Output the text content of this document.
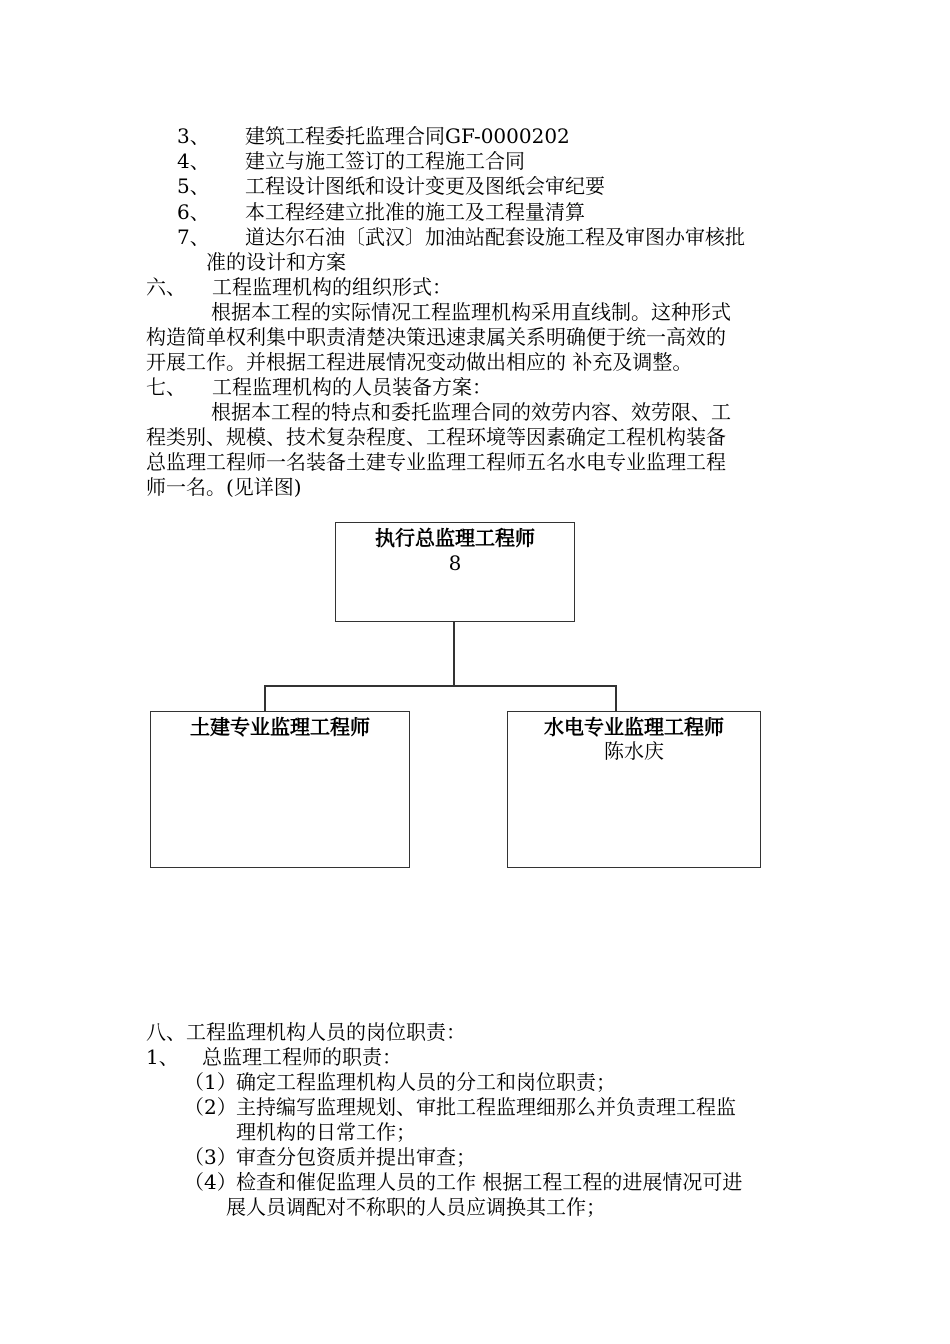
3、 建筑工程委托监理合同GF-0000202
4、 建立与施工签订的工程施工合同
5、 工程设计图纸和设计变更及图纸会审纪要
6、 本工程经建立批准的施工及工程量清算
7、 道达尔石油〔武汉〕加油站配套设施工程及审图办审核批
准的设计和方案
六、 工程监理机构的组织形式：
根据本工程的实际情况工程监理机构采用直线制。这种形式
构造简单权利集中职责清楚决策迅速隶属关系明确便于统一高效的
开展工作。并根据工程进展情况变动做出相应的 补充及调整。
七、 工程监理机构的人员装备方案：
根据本工程的特点和委托监理合同的效劳内容、效劳限、工
程类别、规模、技术复杂程度、工程环境等因素确定工程机构装备
总监理工程师一名装备土建专业监理工程师五名水电专业监理工程
师一名。(见详图)
执行总监理工程师
8
土建专业监理工程师	水电专业监理工程师
陈水庆
八、工程监理机构人员的岗位职责：
1、 总监理工程师的职责：
（1） 确定工程监理机构人员的分工和岗位职责；
（2） 主持编写监理规划、审批工程监理细那么并负责理工程监
理机构的日常工作；
（3） 审查分包资质并提出审查；
（4） 检查和催促监理人员的工作 根据工程工程的进展情况可进
展人员调配对不称职的人员应调换其工作；
